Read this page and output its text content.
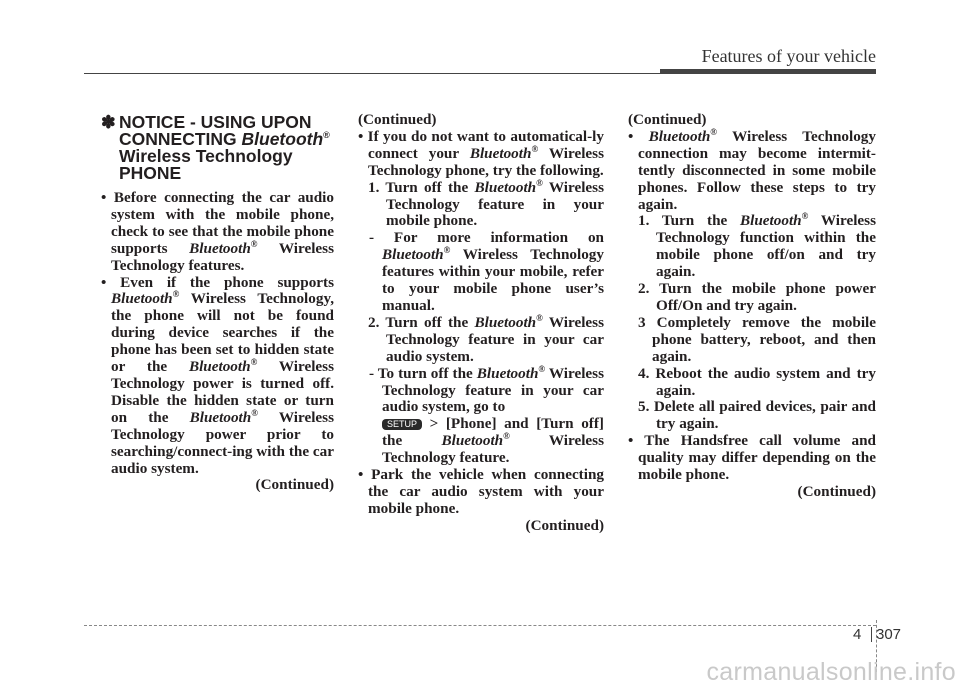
Features of your vehicle
✽ NOTICE - USING UPON
CONNECTING Bluetooth®
Wireless Technology
PHONE

• Before connecting the car audio system with the mobile phone, check to see that the mobile phone supports Bluetooth® Wireless Technology features.

• Even if the phone supports Bluetooth® Wireless Technology, the phone will not be found during device searches if the phone has been set to hidden state or the Bluetooth® Wireless Technology power is turned off. Disable the hidden state or turn on the Bluetooth® Wireless Technology power prior to searching/connect-ing with the car audio system.

(Continued)

(Continued)

• If you do not want to automatical-ly connect your Bluetooth® Wireless Technology phone, try the following.

1. Turn off the Bluetooth® Wireless Technology feature in your mobile phone.

- For more information on Bluetooth® Wireless Technology features within your mobile, refer to your mobile phone user’s manual.

2. Turn off the Bluetooth® Wireless Technology feature in your car audio system.

- To turn off the Bluetooth® Wireless Technology feature in your car audio system, go to
SETUP > [Phone] and [Turn off] the Bluetooth® Wireless Technology feature.

• Park the vehicle when connecting the car audio system with your mobile phone.

(Continued)

(Continued)

• Bluetooth® Wireless Technology connection may become intermit-tently disconnected in some mobile phones. Follow these steps to try again.

1. Turn the Bluetooth® Wireless Technology function within the mobile phone off/on and try again.

2. Turn the mobile phone power Off/On and try again.

3 Completely remove the mobile phone battery, reboot, and then again.

4. Reboot the audio system and try again.

5. Delete all paired devices, pair and try again.

• The Handsfree call volume and quality may differ depending on the mobile phone.

(Continued)

4 307
carmanualsonline.info
